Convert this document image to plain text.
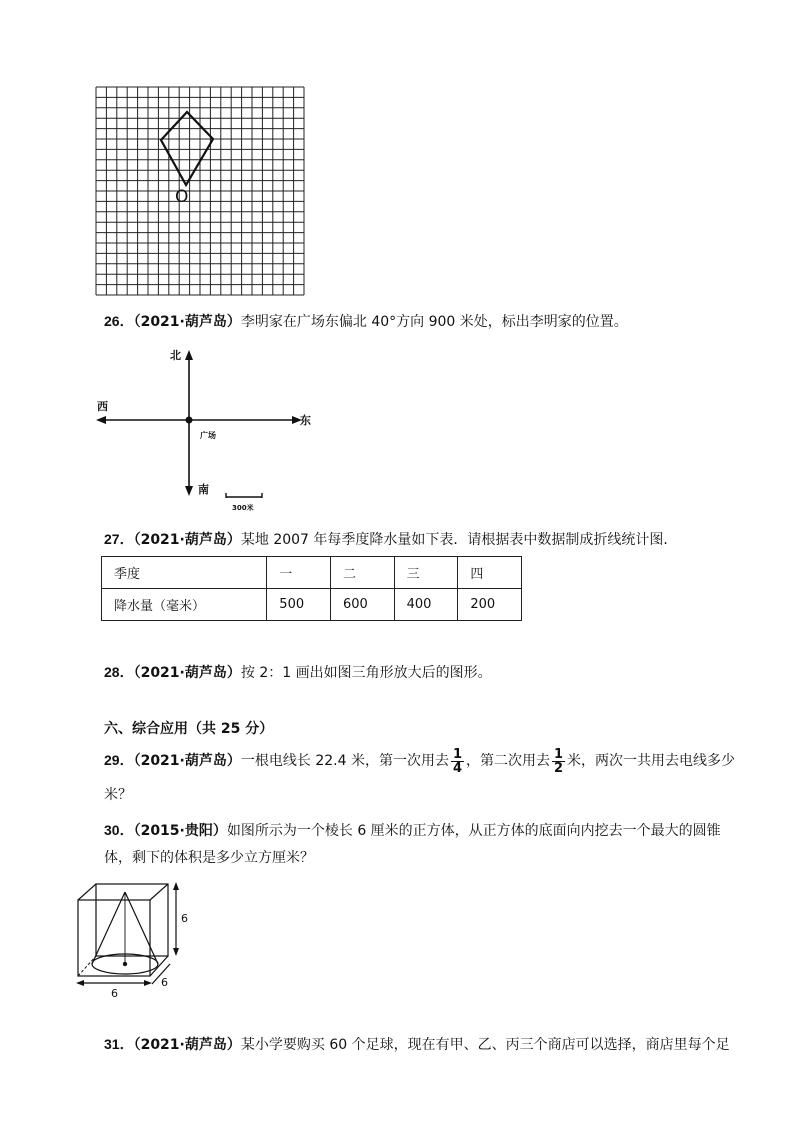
O
26．（2021·葫芦岛）李明家在广场东偏北 40°方向 900 米处，标出李明家的位置。
北
南
东
西
广场
300米
27．（2021·葫芦岛）某地 2007 年每季度降水量如下表．请根据表中数据制成折线统计图．
季度	一	二	三	四
降水量（毫米）	500	600	400	200
28．（2021·葫芦岛）按 2：1 画出如图三角形放大后的图形。
六、综合应用（共 25 分）
29．（2021·葫芦岛）一根电线长 22.4 米，第一次用去 $\frac{1}{4}$ ，第二次用去 $\frac{1}{2}$ 米，两次一共用去电线多少
米？
30．（2015·贵阳）如图所示为一个棱长 6 厘米的正方体，从正方体的底面向内挖去一个最大的圆锥
体，剩下的体积是多少立方厘米？
6
6
6
31．（2021·葫芦岛）某小学要购买 60 个足球，现在有甲、乙、丙三个商店可以选择，商店里每个足
